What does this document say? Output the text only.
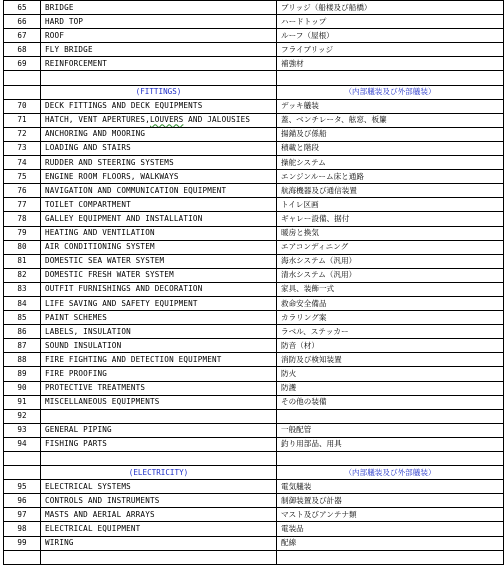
65	BRIDGE	ブリッジ（船楼及び船橋）
66	HARD TOP	ハードトップ
67	ROOF	ルーフ（屋根）
68	FLY BRIDGE	フライブリッジ
69	REINFORCEMENT	補強材

	(FITTINGS)	（内部艤装及び外部艤装）
70	DECK FITTINGS AND DECK EQUIPMENTS	デッキ艤装
71	HATCH, VENT APERTURES,LOUVERS AND JALOUSIES	蓋、ベンチレータ、舷窓、板簾
72	ANCHORING AND MOORING	揚錨及び係船
73	LOADING AND STAIRS	積載と階段
74	RUDDER AND STEERING SYSTEMS	操舵システム
75	ENGINE ROOM FLOORS, WALKWAYS	エンジンルーム床と通路
76	NAVIGATION AND COMMUNICATION EQUIPMENT	航海機器及び通信装置
77	TOILET COMPARTMENT	トイレ区画
78	GALLEY EQUIPMENT AND INSTALLATION	ギャレー設備、据付
79	HEATING AND VENTILATION	暖房と換気
80	AIR CONDITIONING SYSTEM	エアコンディニング
81	DOMESTIC SEA WATER SYSTEM	海水システム（汎用）
82	DOMESTIC FRESH WATER SYSTEM	清水システム（汎用）
83	OUTFIT FURNISHINGS AND DECORATION	家具、装飾一式
84	LIFE SAVING AND SAFETY EQUIPMENT	救命安全備品
85	PAINT SCHEMES	カラリング案
86	LABELS, INSULATION	ラベル、ステッカー
87	SOUND INSULATION	防音（材）
88	FIRE FIGHTING AND DETECTION EQUIPMENT	消防及び検知装置
89	FIRE PROOFING	防火
90	PROTECTIVE TREATMENTS	防護
91	MISCELLANEOUS EQUIPMENTS	その他の装備
92		
93	GENERAL PIPING	一般配管
94	FISHING PARTS	釣り用部品、用具

	(ELECTRICITY)	（内部艤装及び外部艤装）
95	ELECTRICAL SYSTEMS	電気艤装
96	CONTROLS AND INSTRUMENTS	制御装置及び計器
97	MASTS AND AERIAL ARRAYS	マスト及びアンテナ類
98	ELECTRICAL EQUIPMENT	電装品
99	WIRING	配線
